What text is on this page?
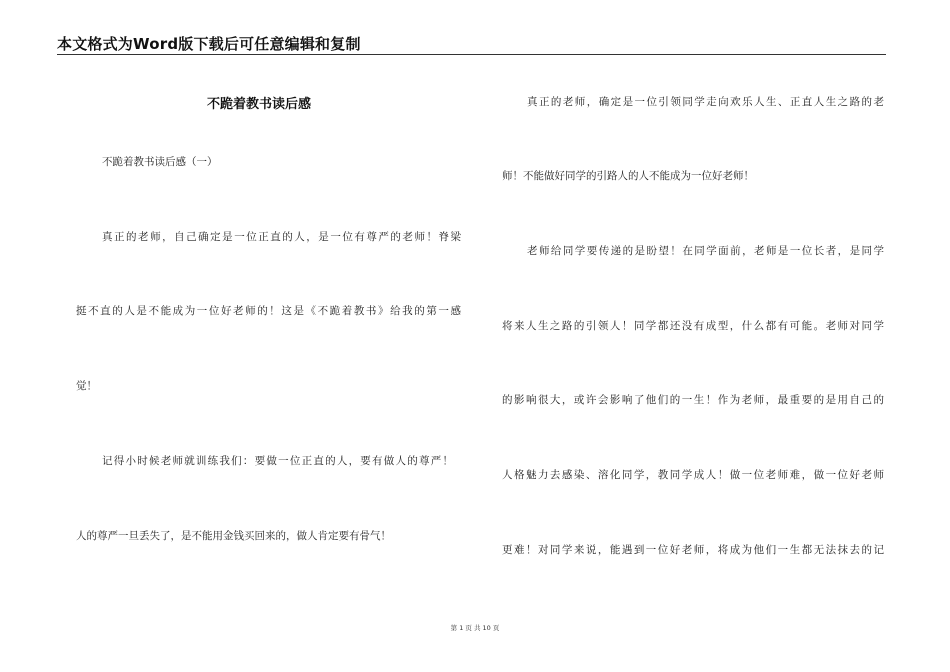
本文格式为Word版下载后可任意编辑和复制
不跪着教书读后感
不跪着教书读后感（一）
真正的老师，自己确定是一位正直的人，是一位有尊严的老师！脊梁
挺不直的人是不能成为一位好老师的！这是《不跪着教书》给我的第一感
觉！
记得小时候老师就训练我们：要做一位正直的人，要有做人的尊严！
人的尊严一旦丢失了，是不能用金钱买回来的，做人肯定要有骨气！
真正的老师，确定是一位引领同学走向欢乐人生、正直人生之路的老
师！不能做好同学的引路人的人不能成为一位好老师！
老师给同学要传递的是盼望！在同学面前，老师是一位长者，是同学
将来人生之路的引领人！同学都还没有成型，什么都有可能。老师对同学
的影响很大，或许会影响了他们的一生！作为老师，最重要的是用自己的
人格魅力去感染、溶化同学，教同学成人！做一位老师难，做一位好老师
更难！对同学来说，能遇到一位好老师，将成为他们一生都无法抹去的记
第 1 页 共 10 页
